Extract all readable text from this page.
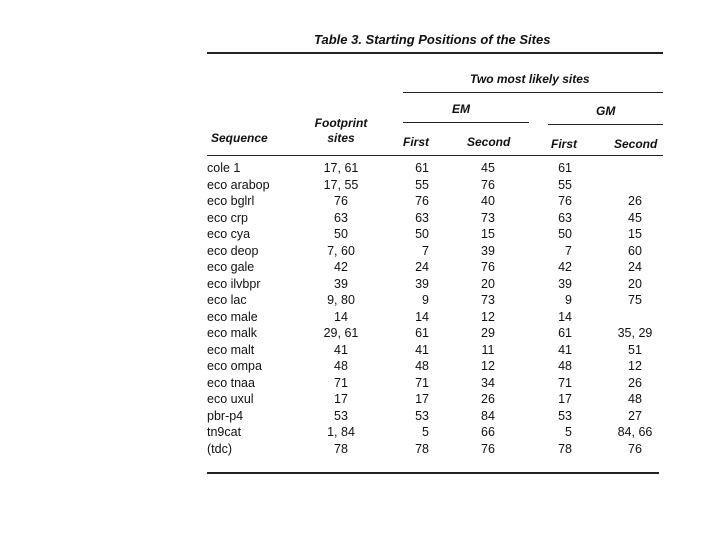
Table 3. Starting Positions of the Sites
Two most likely sites
EM	GM
Footprint
sites
Sequence	First	Second	First	Second
cole 1	17, 61	61	45	61
eco arabop	17, 55	55	76	55
eco bglrl	76	76	40	76	26
eco crp	63	63	73	63	45
eco cya	50	50	15	50	15
eco deop	7, 60	7	39	7	60
eco gale	42	24	76	42	24
eco ilvbpr	39	39	20	39	20
eco lac	9, 80	9	73	9	75
eco male	14	14	12	14
eco malk	29, 61	61	29	61	35, 29
eco malt	41	41	11	41	51
eco ompa	48	48	12	48	12
eco tnaa	71	71	34	71	26
eco uxul	17	17	26	17	48
pbr-p4	53	53	84	53	27
tn9cat	1, 84	5	66	5	84, 66
(tdc)	78	78	76	78	76
